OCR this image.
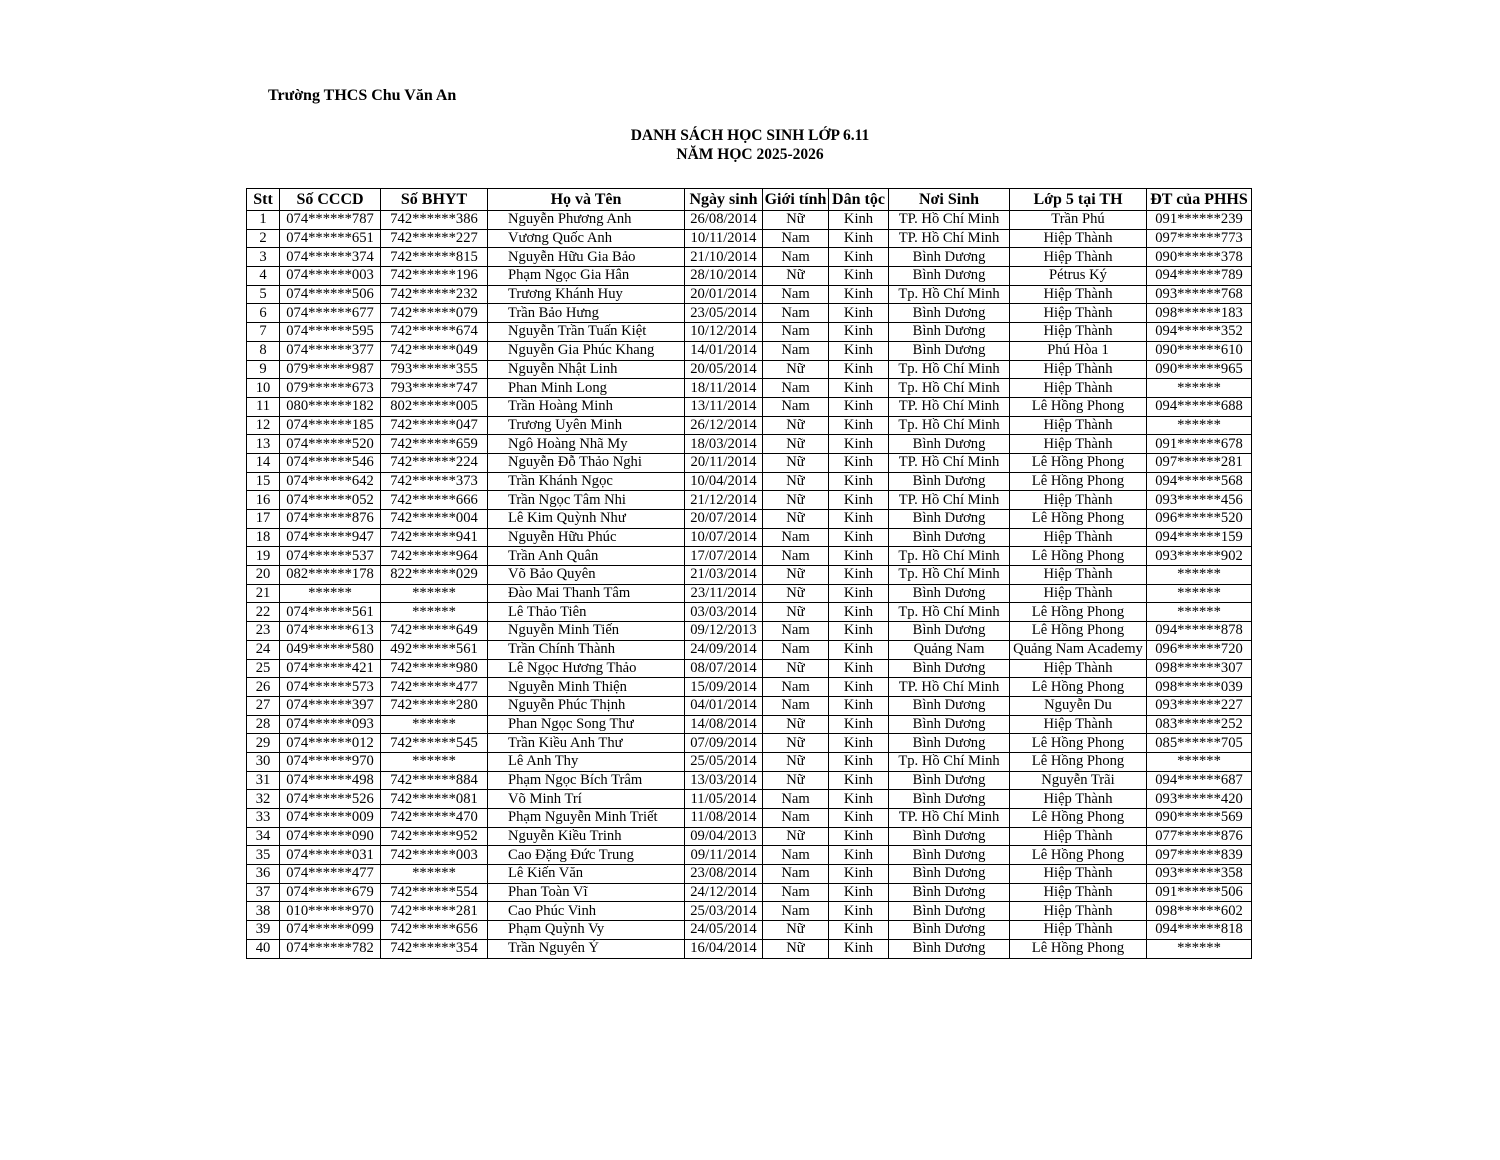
Trường THCS Chu Văn An
DANH SÁCH HỌC SINH LỚP 6.11
NĂM HỌC 2025-2026
Stt	Số CCCD	Số BHYT	Họ và Tên	Ngày sinh	Giới tính	Dân tộc	Nơi Sinh	Lớp 5 tại TH	ĐT của PHHS
1	074******787	742******386	Nguyễn Phương Anh	26/08/2014	Nữ	Kinh	TP. Hồ Chí Minh	Trần Phú	091******239
2	074******651	742******227	Vương Quốc Anh	10/11/2014	Nam	Kinh	TP. Hồ Chí Minh	Hiệp Thành	097******773
3	074******374	742******815	Nguyễn Hữu Gia Bảo	21/10/2014	Nam	Kinh	Bình Dương	Hiệp Thành	090******378
4	074******003	742******196	Phạm Ngọc Gia Hân	28/10/2014	Nữ	Kinh	Bình Dương	Pétrus Ký	094******789
5	074******506	742******232	Trương Khánh Huy	20/01/2014	Nam	Kinh	Tp. Hồ Chí Minh	Hiệp Thành	093******768
6	074******677	742******079	Trần Bảo Hưng	23/05/2014	Nam	Kinh	Bình Dương	Hiệp Thành	098******183
7	074******595	742******674	Nguyễn Trần Tuấn Kiệt	10/12/2014	Nam	Kinh	Bình Dương	Hiệp Thành	094******352
8	074******377	742******049	Nguyễn Gia Phúc Khang	14/01/2014	Nam	Kinh	Bình Dương	Phú Hòa 1	090******610
9	079******987	793******355	Nguyễn Nhật Linh	20/05/2014	Nữ	Kinh	Tp. Hồ Chí Minh	Hiệp Thành	090******965
10	079******673	793******747	Phan Minh Long	18/11/2014	Nam	Kinh	Tp. Hồ Chí Minh	Hiệp Thành	******
11	080******182	802******005	Trần Hoàng Minh	13/11/2014	Nam	Kinh	TP. Hồ Chí Minh	Lê Hồng Phong	094******688
12	074******185	742******047	Trương Uyên Minh	26/12/2014	Nữ	Kinh	Tp. Hồ Chí Minh	Hiệp Thành	******
13	074******520	742******659	Ngô Hoàng Nhã My	18/03/2014	Nữ	Kinh	Bình Dương	Hiệp Thành	091******678
14	074******546	742******224	Nguyễn Đỗ Thảo Nghi	20/11/2014	Nữ	Kinh	TP. Hồ Chí Minh	Lê Hồng Phong	097******281
15	074******642	742******373	Trần Khánh Ngọc	10/04/2014	Nữ	Kinh	Bình Dương	Lê Hồng Phong	094******568
16	074******052	742******666	Trần Ngọc Tâm Nhi	21/12/2014	Nữ	Kinh	TP. Hồ Chí Minh	Hiệp Thành	093******456
17	074******876	742******004	Lê Kim Quỳnh Như	20/07/2014	Nữ	Kinh	Bình Dương	Lê Hồng Phong	096******520
18	074******947	742******941	Nguyễn Hữu Phúc	10/07/2014	Nam	Kinh	Bình Dương	Hiệp Thành	094******159
19	074******537	742******964	Trần Anh Quân	17/07/2014	Nam	Kinh	Tp. Hồ Chí Minh	Lê Hồng Phong	093******902
20	082******178	822******029	Võ Bảo Quyên	21/03/2014	Nữ	Kinh	Tp. Hồ Chí Minh	Hiệp Thành	******
21	******	******	Đào Mai Thanh Tâm	23/11/2014	Nữ	Kinh	Bình Dương	Hiệp Thành	******
22	074******561	******	Lê Thảo Tiên	03/03/2014	Nữ	Kinh	Tp. Hồ Chí Minh	Lê Hồng Phong	******
23	074******613	742******649	Nguyễn Minh Tiến	09/12/2013	Nam	Kinh	Bình Dương	Lê Hồng Phong	094******878
24	049******580	492******561	Trần Chính Thành	24/09/2014	Nam	Kinh	Quảng Nam	Quảng Nam Academy	096******720
25	074******421	742******980	Lê Ngọc Hương Thảo	08/07/2014	Nữ	Kinh	Bình Dương	Hiệp Thành	098******307
26	074******573	742******477	Nguyễn Minh Thiện	15/09/2014	Nam	Kinh	TP. Hồ Chí Minh	Lê Hồng Phong	098******039
27	074******397	742******280	Nguyễn Phúc Thịnh	04/01/2014	Nam	Kinh	Bình Dương	Nguyễn Du	093******227
28	074******093	******	Phan Ngọc Song Thư	14/08/2014	Nữ	Kinh	Bình Dương	Hiệp Thành	083******252
29	074******012	742******545	Trần Kiều Anh Thư	07/09/2014	Nữ	Kinh	Bình Dương	Lê Hồng Phong	085******705
30	074******970	******	Lê Anh Thy	25/05/2014	Nữ	Kinh	Tp. Hồ Chí Minh	Lê Hồng Phong	******
31	074******498	742******884	Phạm Ngọc Bích Trâm	13/03/2014	Nữ	Kinh	Bình Dương	Nguyễn Trãi	094******687
32	074******526	742******081	Võ Minh Trí	11/05/2014	Nam	Kinh	Bình Dương	Hiệp Thành	093******420
33	074******009	742******470	Phạm Nguyễn Minh Triết	11/08/2014	Nam	Kinh	TP. Hồ Chí Minh	Lê Hồng Phong	090******569
34	074******090	742******952	Nguyễn Kiều Trinh	09/04/2013	Nữ	Kinh	Bình Dương	Hiệp Thành	077******876
35	074******031	742******003	Cao Đặng Đức Trung	09/11/2014	Nam	Kinh	Bình Dương	Lê Hồng Phong	097******839
36	074******477	******	Lê Kiến Văn	23/08/2014	Nam	Kinh	Bình Dương	Hiệp Thành	093******358
37	074******679	742******554	Phan Toàn Vĩ	24/12/2014	Nam	Kinh	Bình Dương	Hiệp Thành	091******506
38	010******970	742******281	Cao Phúc Vinh	25/03/2014	Nam	Kinh	Bình Dương	Hiệp Thành	098******602
39	074******099	742******656	Phạm Quỳnh Vy	24/05/2014	Nữ	Kinh	Bình Dương	Hiệp Thành	094******818
40	074******782	742******354	Trần Nguyên Ý	16/04/2014	Nữ	Kinh	Bình Dương	Lê Hồng Phong	******
